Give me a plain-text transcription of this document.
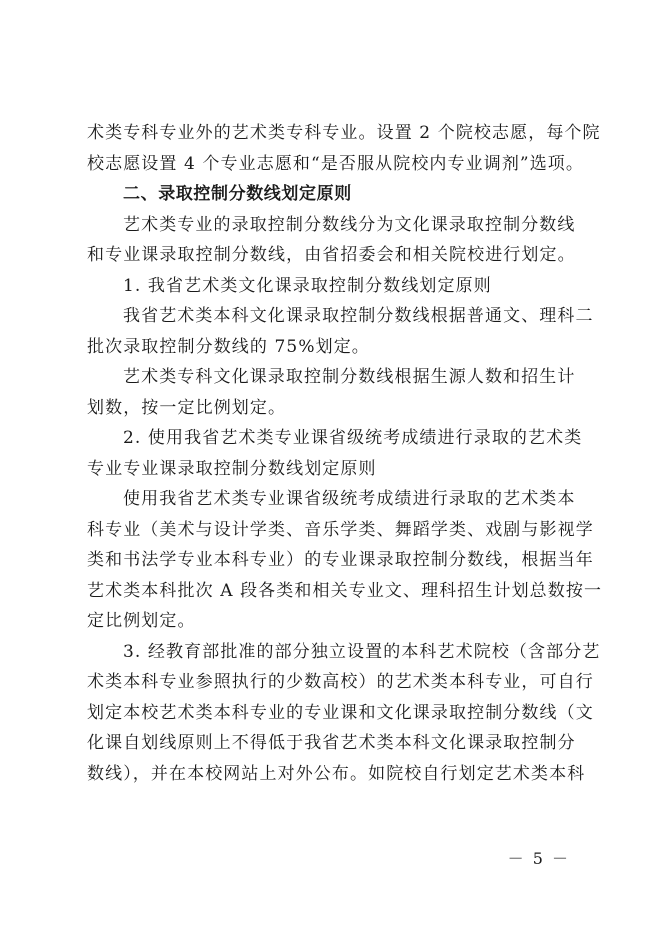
术类专科专业外的艺术类专科专业。设置 2 个院校志愿，每个院
校志愿设置 4 个专业志愿和“是否服从院校内专业调剂”选项。
二、录取控制分数线划定原则
艺术类专业的录取控制分数线分为文化课录取控制分数线
和专业课录取控制分数线，由省招委会和相关院校进行划定。
1. 我省艺术类文化课录取控制分数线划定原则
我省艺术类本科文化课录取控制分数线根据普通文、理科二
批次录取控制分数线的 75%划定。
艺术类专科文化课录取控制分数线根据生源人数和招生计
划数，按一定比例划定。
2. 使用我省艺术类专业课省级统考成绩进行录取的艺术类
专业专业课录取控制分数线划定原则
使用我省艺术类专业课省级统考成绩进行录取的艺术类本
科专业（美术与设计学类、音乐学类、舞蹈学类、戏剧与影视学
类和书法学专业本科专业）的专业课录取控制分数线，根据当年
艺术类本科批次 A 段各类和相关专业文、理科招生计划总数按一
定比例划定。
3. 经教育部批准的部分独立设置的本科艺术院校（含部分艺
术类本科专业参照执行的少数高校）的艺术类本科专业，可自行
划定本校艺术类本科专业的专业课和文化课录取控制分数线（文
化课自划线原则上不得低于我省艺术类本科文化课录取控制分
数线），并在本校网站上对外公布。如院校自行划定艺术类本科
－ 5 －
